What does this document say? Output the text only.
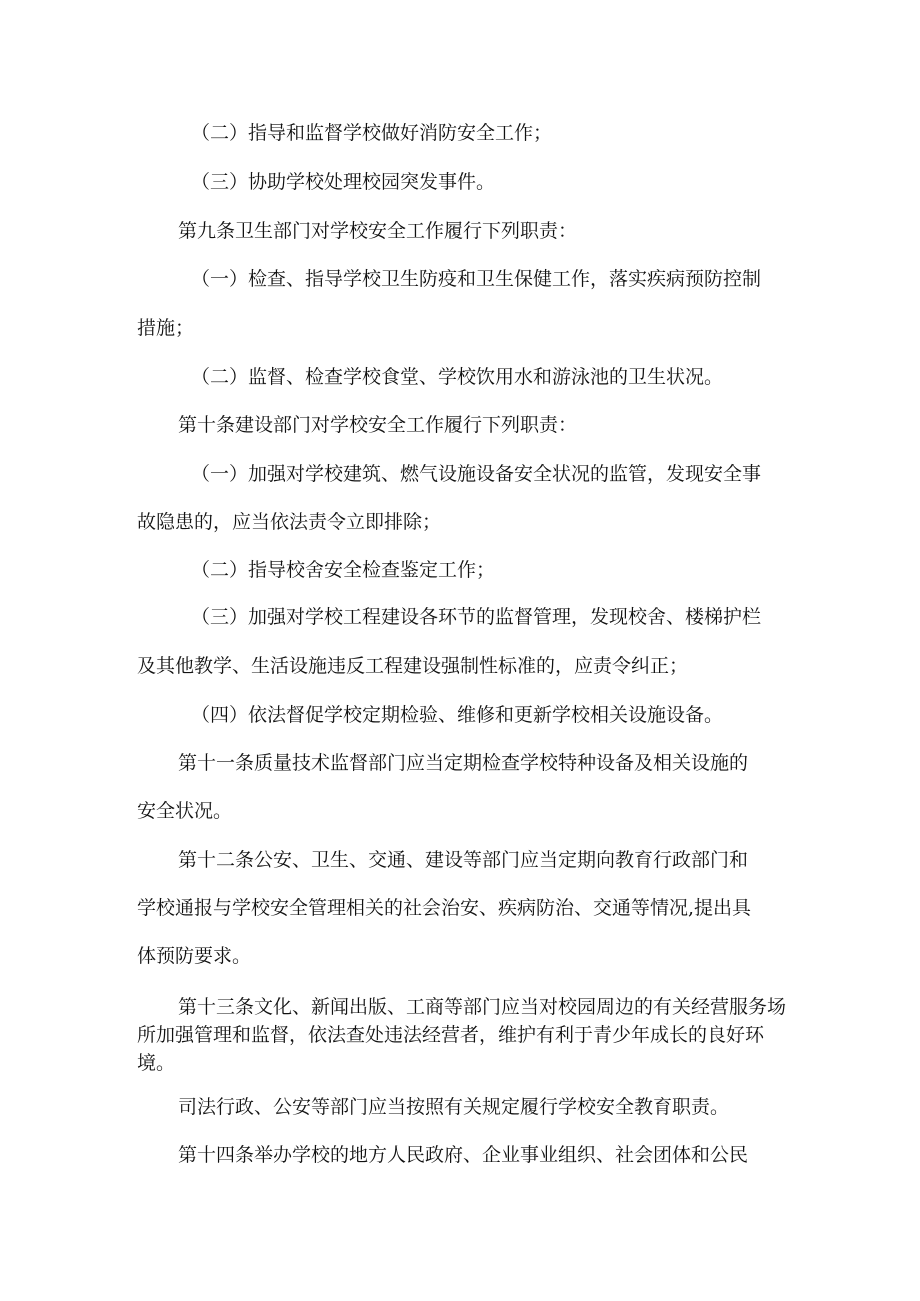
（二）指导和监督学校做好消防安全工作；
（三）协助学校处理校园突发事件。
第九条卫生部门对学校安全工作履行下列职责：
（一）检查、指导学校卫生防疫和卫生保健工作，落实疾病预防控制
措施；
（二）监督、检查学校食堂、学校饮用水和游泳池的卫生状况。
第十条建设部门对学校安全工作履行下列职责：
（一）加强对学校建筑、燃气设施设备安全状况的监管，发现安全事
故隐患的，应当依法责令立即排除；
（二）指导校舍安全检查鉴定工作；
（三）加强对学校工程建设各环节的监督管理，发现校舍、楼梯护栏
及其他教学、生活设施违反工程建设强制性标准的，应责令纠正；
（四）依法督促学校定期检验、维修和更新学校相关设施设备。
第十一条质量技术监督部门应当定期检查学校特种设备及相关设施的
安全状况。
第十二条公安、卫生、交通、建设等部门应当定期向教育行政部门和
学校通报与学校安全管理相关的社会治安、疾病防治、交通等情况,提出具
体预防要求。
第十三条文化、新闻出版、工商等部门应当对校园周边的有关经营服务场所加强管理和监督，依法查处违法经营者，维护有利于青少年成长的良好环境。
司法行政、公安等部门应当按照有关规定履行学校安全教育职责。
第十四条举办学校的地方人民政府、企业事业组织、社会团体和公民
